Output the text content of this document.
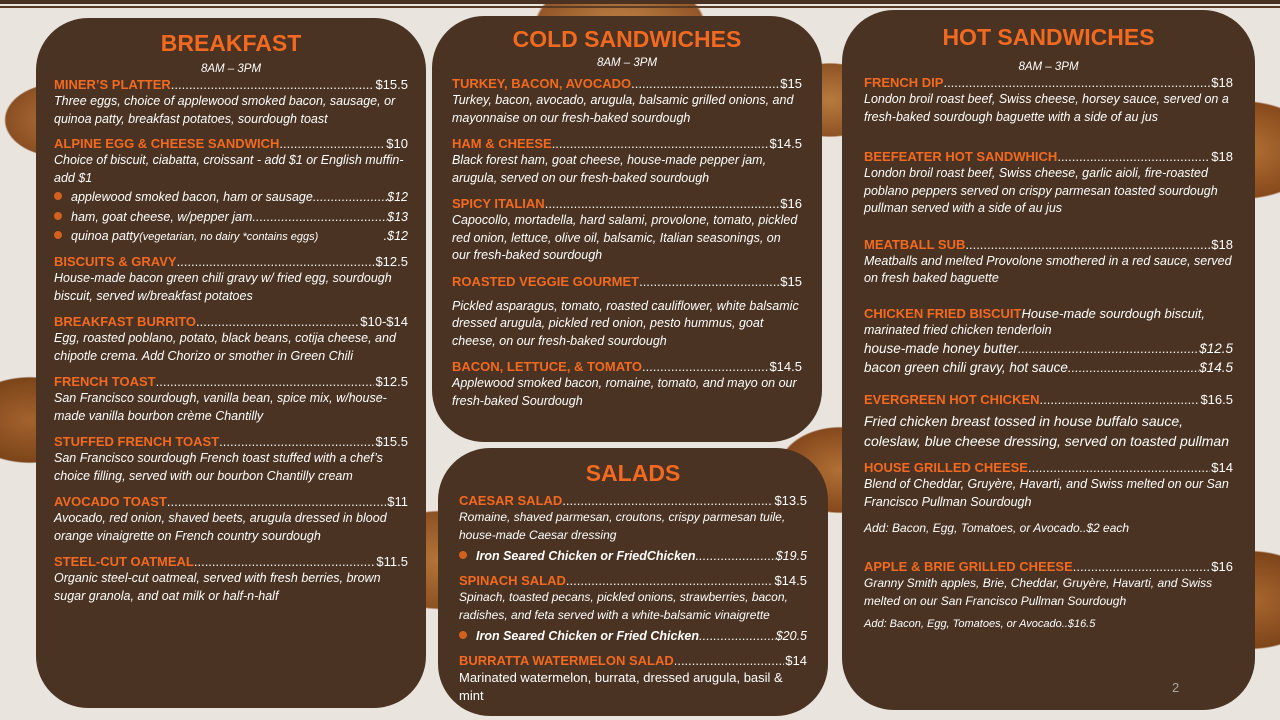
BREAKFAST
8AM – 3PM
MINER’S PLATTER .....	$15.5
Three eggs, choice of applewood smoked bacon, sausage, or quinoa patty, breakfast potatoes, sourdough toast
ALPINE EGG & CHEESE SANDWICH .....	$10
Choice of biscuit, ciabatta, croissant - add $1 or English muffin- add $1
applewood smoked bacon, ham or sausage .....	$12
ham, goat cheese, w/pepper jam .....	$13
quinoa patty (vegetarian, no dairy *contains eggs)	.$12
BISCUITS & GRAVY .....	$12.5
House-made bacon green chili gravy w/ fried egg, sourdough biscuit, served w/breakfast potatoes
BREAKFAST BURRITO .....	$10-$14
Egg, roasted poblano, potato, black beans, cotija cheese, and chipotle crema. Add Chorizo or smother in Green Chili
FRENCH TOAST .....	$12.5
San Francisco sourdough, vanilla bean, spice mix, w/house-made vanilla bourbon crème Chantilly
STUFFED FRENCH TOAST .....	$15.5
San Francisco sourdough French toast stuffed with a chef’s choice filling, served with our bourbon Chantilly cream
AVOCADO TOAST .....	$11
Avocado, red onion, shaved beets, arugula dressed in blood orange vinaigrette on French country sourdough
STEEL-CUT OATMEAL .....	$11.5
Organic steel-cut oatmeal, served with fresh berries, brown sugar granola, and oat milk or half-n-half
COLD SANDWICHES
8AM – 3PM
TURKEY, BACON, AVOCADO .....	$15
Turkey, bacon, avocado, arugula, balsamic grilled onions, and mayonnaise on our fresh-baked sourdough
HAM & CHEESE .....	$14.5
Black forest ham, goat cheese, house-made pepper jam, arugula, served on our fresh-baked sourdough
SPICY ITALIAN .....	$16
Capocollo, mortadella, hard salami, provolone, tomato, pickled red onion, lettuce, olive oil, balsamic, Italian seasonings, on our fresh-baked sourdough
ROASTED VEGGIE GOURMET .....	$15
Pickled asparagus, tomato, roasted cauliflower, white balsamic dressed arugula, pickled red onion, pesto hummus, goat cheese, on our fresh-baked sourdough
BACON, LETTUCE, & TOMATO .....	$14.5
Applewood smoked bacon, romaine, tomato, and mayo on our fresh-baked Sourdough
SALADS
CAESAR SALAD .....	$13.5
Romaine, shaved parmesan, croutons, crispy parmesan tuile, house-made Caesar dressing
Iron Seared Chicken or Fried Chicken .....	$19.5
SPINACH SALAD .....	$14.5
Spinach, toasted pecans, pickled onions, strawberries, bacon, radishes, and feta served with a white-balsamic vinaigrette
Iron Seared Chicken or Fried Chicken .....	$20.5
BURRATTA WATERMELON SALAD .....	$14
Marinated watermelon, burrata, dressed arugula, basil & mint
HOT SANDWICHES
8AM – 3PM
FRENCH DIP .....	$18
London broil roast beef, Swiss cheese, horsey sauce, served on a fresh-baked sourdough baguette with a side of au jus
BEEFEATER HOT SANDWHICH .....	$18
London broil roast beef, Swiss cheese, garlic aioli, fire-roasted poblano peppers served on crispy parmesan toasted sourdough pullman served with a side of au jus
MEATBALL SUB .....	$18
Meatballs and melted Provolone smothered in a red sauce, served on fresh baked baguette
CHICKEN FRIED BISCUIT House-made sourdough biscuit,
marinated fried chicken tenderloin
house-made honey butter .....	$12.5
bacon green chili gravy, hot sauce .....	$14.5
EVERGREEN HOT CHICKEN .....	$16.5
Fried chicken breast tossed in house buffalo sauce, coleslaw, blue cheese dressing, served on toasted pullman
HOUSE GRILLED CHEESE .....	$14
Blend of Cheddar, Gruyère, Havarti, and Swiss melted on our San Francisco Pullman Sourdough
Add: Bacon, Egg, Tomatoes, or Avocado..$2 each
APPLE & BRIE GRILLED CHEESE .....	$16
Granny Smith apples, Brie, Cheddar, Gruyère, Havarti, and Swiss melted on our San Francisco Pullman Sourdough
Add: Bacon, Egg, Tomatoes, or Avocado..$16.5
2
